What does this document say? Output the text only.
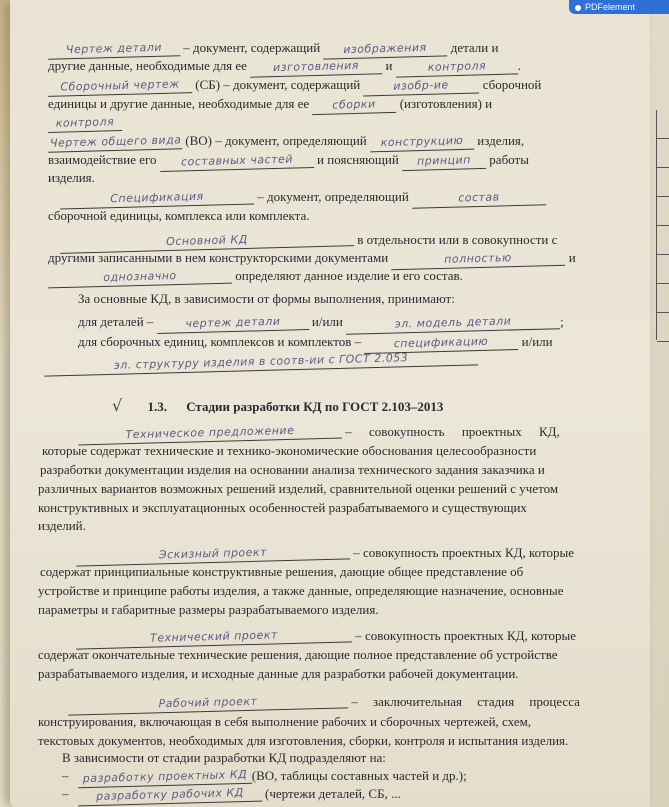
PDFelement
Чертеж детали – документ, содержащий изображения детали и
другие данные, необходимые для ее изготовления и	контроля .
Сборочный чертеж (СБ) – документ, содержащий	изобр-ие	сборочной
единицы и другие данные, необходимые для ее сборки (изготовления) и
контроля
Чертеж общего вида (ВО) – документ, определяющий конструкцию изделия,
взаимодействие его составных частей и поясняющий принцип работы
изделия.
Спецификация	– документ, определяющий	состав
сборочной единицы, комплекса или комплекта.
Основной КД	в отдельности или в совокупности с
другими записанными в нем конструкторскими документами	полностью	и
однозначно	определяют данное изделие и его состав.
За основные КД, в зависимости от формы выполнения, принимают:
для деталей –	чертеж детали и/или	эл. модель детали	;
для сборочных единиц, комплексов и комплектов –	спецификацию	и/или
эл. структуру изделия в соотв-ии с ГОСТ 2.053
√ 1.3. Стадии разработки КД по ГОСТ 2.103–2013
Техническое предложение	– совокупность проектных КД,
которые содержат технические и технико-экономические обоснования целесообразности
разработки документации изделия на основании анализа технического задания заказчика и
различных вариантов возможных решений изделий, сравнительной оценки решений с учетом
конструктивных и эксплуатационных особенностей разрабатываемого и существующих
изделий.
Эскизный проект	– совокупность проектных КД, которые
содержат принципиальные конструктивные решения, дающие общее представление об
устройстве и принципе работы изделия, а также данные, определяющие назначение, основные
параметры и габаритные размеры разрабатываемого изделия.
Технический проект	– совокупность проектных КД, которые
содержат окончательные технические решения, дающие полное представление об устройстве
разрабатываемого изделия, и исходные данные для разработки рабочей документации.
Рабочий проект	– заключительная стадия процесса
конструирования, включающая в себя выполнение рабочих и сборочных чертежей, схем,
текстовых документов, необходимых для изготовления, сборки, контроля и испытания изделия.
В зависимости от стадии разработки КД подразделяют на:
– разработку проектных КД (ВО, таблицы составных частей и др.);
– разработку рабочих КД (чертежи деталей, СБ, ...
